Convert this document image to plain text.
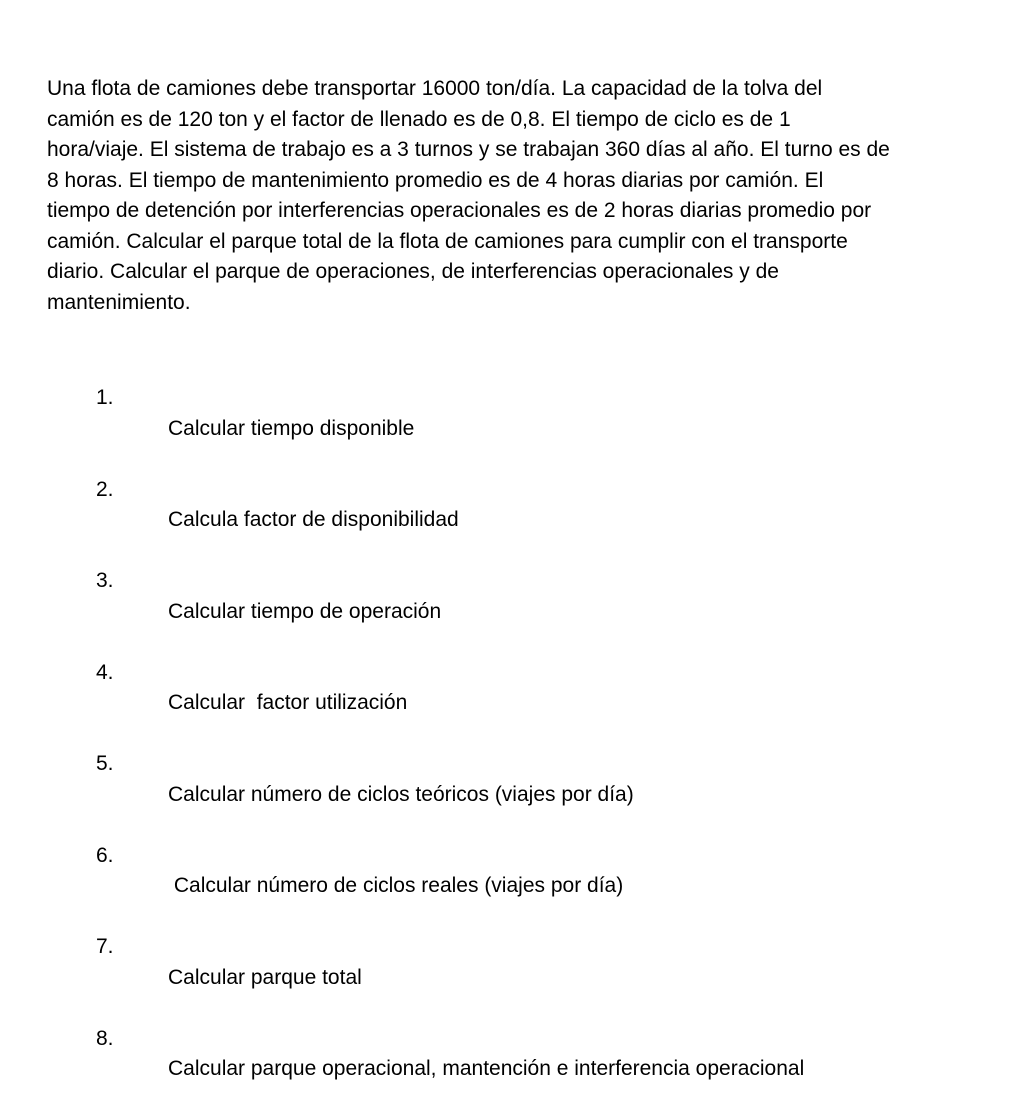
Una flota de camiones debe transportar 16000 ton/día. La capacidad de la tolva del
camión es de 120 ton y el factor de llenado es de 0,8. El tiempo de ciclo es de 1
hora/viaje. El sistema de trabajo es a 3 turnos y se trabajan 360 días al año. El turno es de
8 horas. El tiempo de mantenimiento promedio es de 4 horas diarias por camión. El
tiempo de detención por interferencias operacionales es de 2 horas diarias promedio por
camión. Calcular el parque total de la flota de camiones para cumplir con el transporte
diario. Calcular el parque de operaciones, de interferencias operacionales y de
mantenimiento.

1.
Calcular tiempo disponible

2.
Calcula factor de disponibilidad

3.
Calcular tiempo de operación

4.
Calcular  factor utilización

5.
Calcular número de ciclos teóricos (viajes por día)

6.
Calcular número de ciclos reales (viajes por día)

7.
Calcular parque total

8.
Calcular parque operacional, mantención e interferencia operacional
